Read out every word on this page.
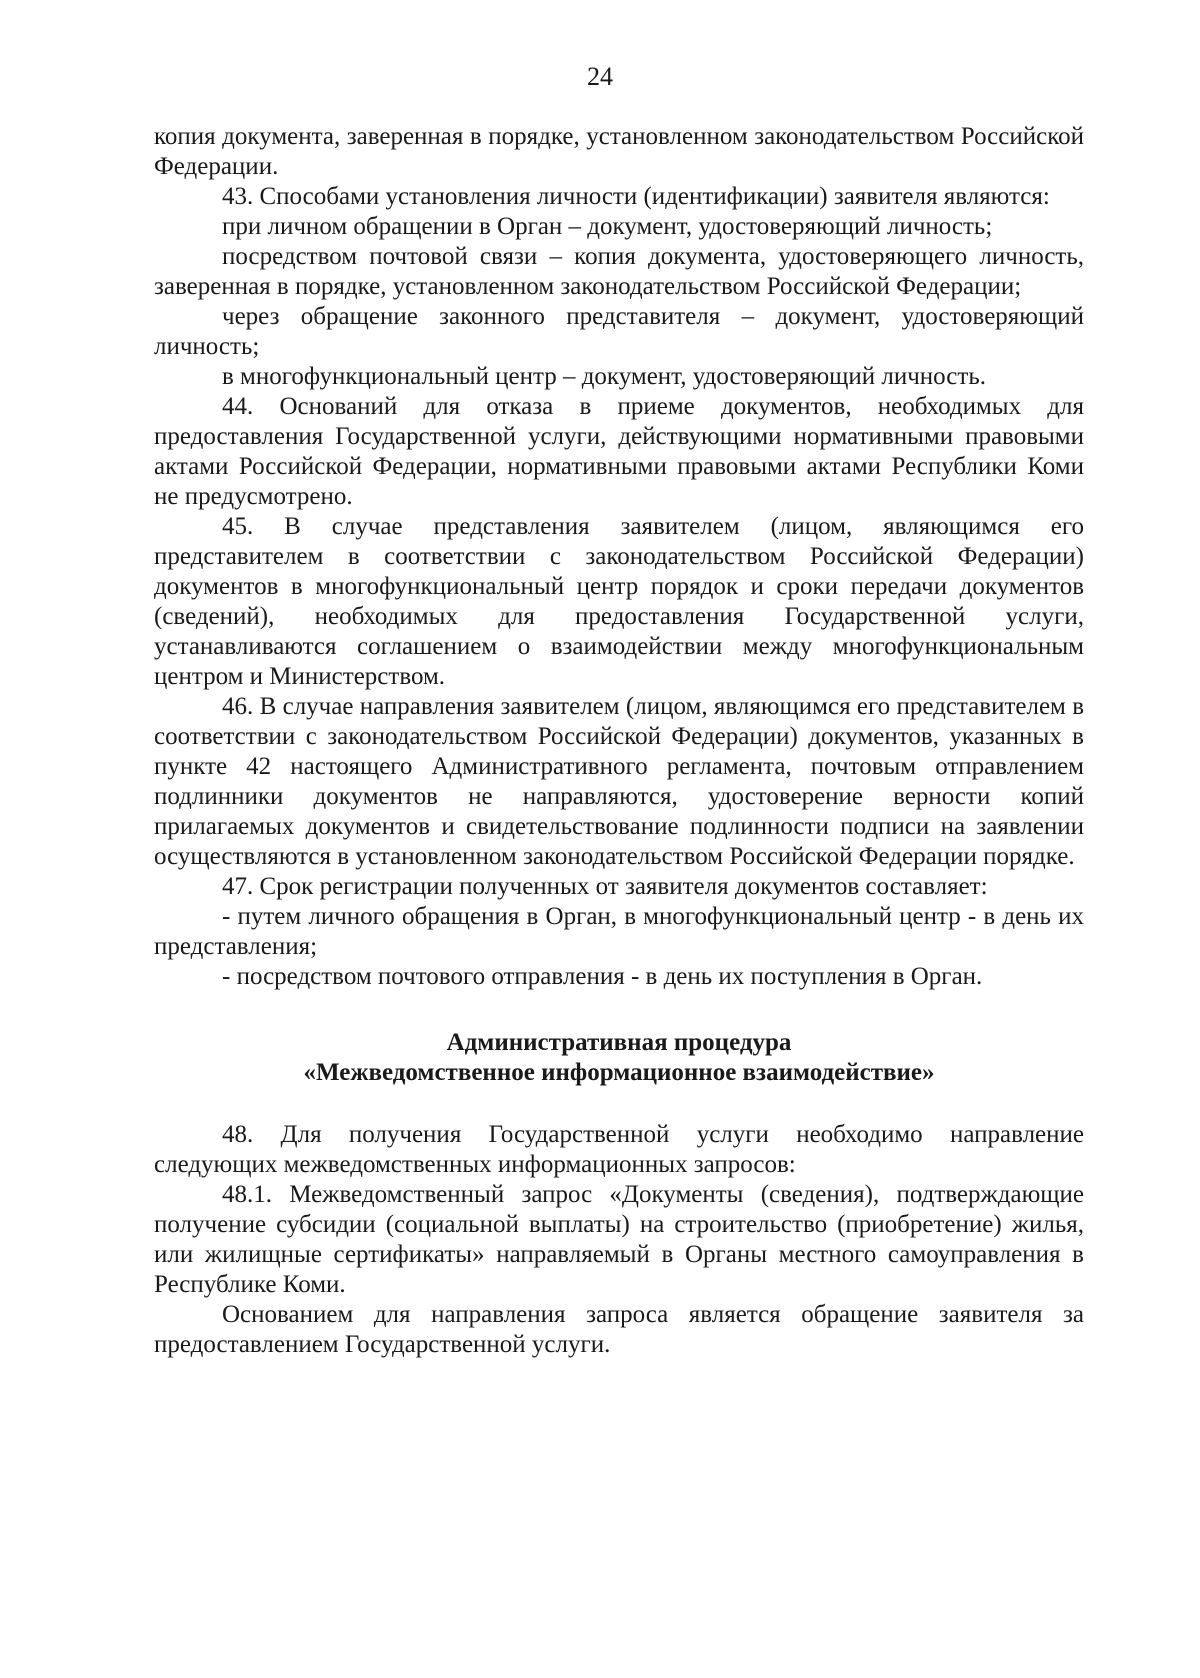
24

копия документа, заверенная в порядке, установленном законодательством Российской Федерации.

43. Способами установления личности (идентификации) заявителя являются:

при личном обращении в Орган – документ, удостоверяющий личность;

посредством почтовой связи – копия документа, удостоверяющего личность, заверенная в порядке, установленном законодательством Российской Федерации;

через обращение законного представителя – документ, удостоверяющий личность;

в многофункциональный центр – документ, удостоверяющий личность.

44. Оснований для отказа в приеме документов, необходимых для предоставления Государственной услуги, действующими нормативными правовыми актами Российской Федерации, нормативными правовыми актами Республики Коми не предусмотрено.

45. В случае представления заявителем (лицом, являющимся его представителем в соответствии с законодательством Российской Федерации) документов в многофункциональный центр порядок и сроки передачи документов (сведений), необходимых для предоставления Государственной услуги, устанавливаются соглашением о взаимодействии между многофункциональным центром и Министерством.

46. В случае направления заявителем (лицом, являющимся его представителем в соответствии с законодательством Российской Федерации) документов, указанных в пункте 42 настоящего Административного регламента, почтовым отправлением подлинники документов не направляются, удостоверение верности копий прилагаемых документов и свидетельствование подлинности подписи на заявлении осуществляются в установленном законодательством Российской Федерации порядке.

47. Срок регистрации полученных от заявителя документов составляет:

- путем личного обращения в Орган, в многофункциональный центр - в день их представления;

- посредством почтового отправления - в день их поступления в Орган.

Административная процедура
«Межведомственное информационное взаимодействие»

48. Для получения Государственной услуги необходимо направление следующих межведомственных информационных запросов:

48.1. Межведомственный запрос «Документы (сведения), подтверждающие получение субсидии (социальной выплаты) на строительство (приобретение) жилья, или жилищные сертификаты» направляемый в Органы местного самоуправления в Республике Коми.

Основанием для направления запроса является обращение заявителя за предоставлением Государственной услуги.
